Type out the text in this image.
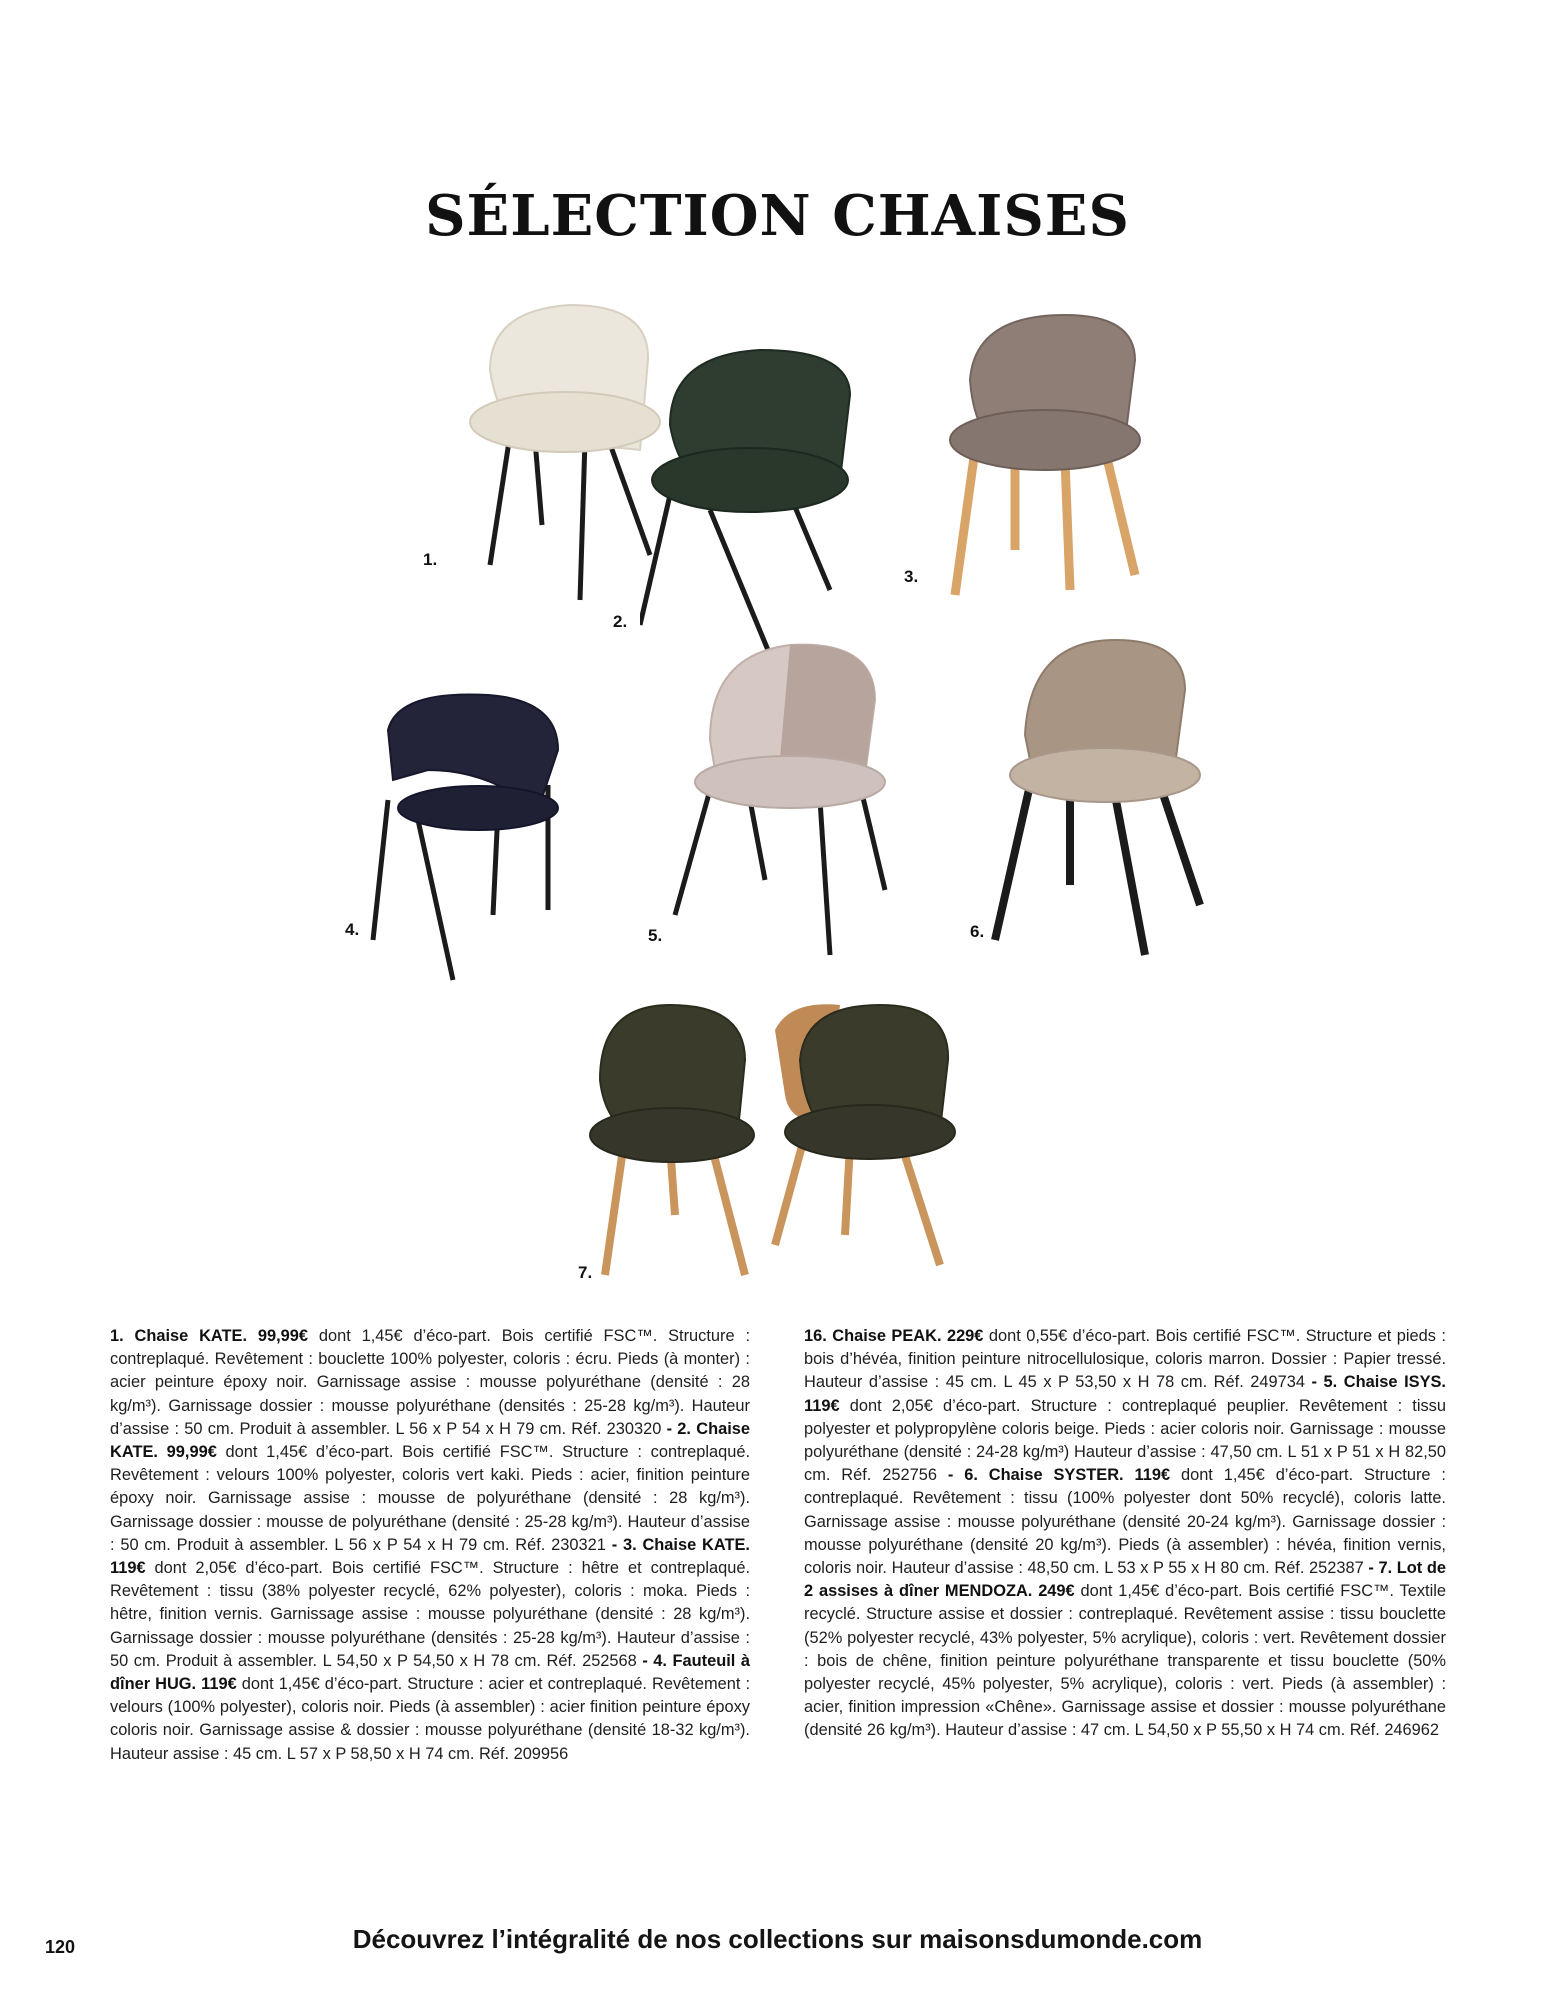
SÉLECTION CHAISES
1.
2.
3.
4.	5.	6.
7.
1. Chaise KATE. 99,99€ dont 1,45€ d’éco-part. Bois certifié FSC™. Structure : contreplaqué. Revêtement : bouclette 100% polyester, coloris : écru. Pieds (à monter) : acier peinture époxy noir. Garnissage assise : mousse polyuréthane (densité : 28 kg/m³). Garnissage dossier : mousse polyuréthane (densités : 25-28 kg/m³). Hauteur d’assise : 50 cm. Produit à assembler. L 56 x P 54 x H 79 cm. Réf. 230320 - 2. Chaise KATE. 99,99€ dont 1,45€ d’éco-part. Bois certifié FSC™. Structure : contreplaqué. Revêtement : velours 100% polyester, coloris vert kaki. Pieds : acier, finition peinture époxy noir. Garnissage assise : mousse de polyuréthane (densité : 28 kg/m³). Garnissage dossier : mousse de polyuréthane (densité : 25-28 kg/m³). Hauteur d’assise : 50 cm. Produit à assembler. L 56 x P 54 x H 79 cm. Réf. 230321 - 3. Chaise KATE. 119€ dont 2,05€ d’éco-part. Bois certifié FSC™. Structure : hêtre et contreplaqué. Revêtement : tissu (38% polyester recyclé, 62% polyester), coloris : moka. Pieds : hêtre, finition vernis. Garnissage assise : mousse polyuréthane (densité : 28 kg/m³). Garnissage dossier : mousse polyuréthane (densités : 25-28 kg/m³). Hauteur d’assise : 50 cm. Produit à assembler. L 54,50 x P 54,50 x H 78 cm. Réf. 252568 - 4. Fauteuil à dîner HUG. 119€ dont 1,45€ d’éco-part. Structure : acier et contreplaqué. Revêtement : velours (100% polyester), coloris noir. Pieds (à assembler) : acier finition peinture époxy coloris noir. Garnissage assise & dossier : mousse polyuréthane (densité 18-32 kg/m³). Hauteur assise : 45 cm. L 57 x P 58,50 x H 74 cm. Réf. 209956
16. Chaise PEAK. 229€ dont 0,55€ d’éco-part. Bois certifié FSC™. Structure et pieds : bois d’hévéa, finition peinture nitrocellulosique, coloris marron. Dossier : Papier tressé. Hauteur d’assise : 45 cm. L 45 x P 53,50 x H 78 cm. Réf. 249734 - 5. Chaise ISYS. 119€ dont 2,05€ d’éco-part. Structure : contreplaqué peuplier. Revêtement : tissu polyester et polypropylène coloris beige. Pieds : acier coloris noir. Garnissage : mousse polyuréthane (densité : 24-28 kg/m³) Hauteur d’assise : 47,50 cm. L 51 x P 51 x H 82,50 cm. Réf. 252756 - 6. Chaise SYSTER. 119€ dont 1,45€ d’éco-part. Structure : contreplaqué. Revêtement : tissu (100% polyester dont 50% recyclé), coloris latte. Garnissage assise : mousse polyuréthane (densité 20-24 kg/m³). Garnissage dossier : mousse polyuréthane (densité 20 kg/m³). Pieds (à assembler) : hévéa, finition vernis, coloris noir. Hauteur d’assise : 48,50 cm. L 53 x P 55 x H 80 cm. Réf. 252387 - 7. Lot de 2 assises à dîner MENDOZA. 249€ dont 1,45€ d’éco-part. Bois certifié FSC™. Textile recyclé. Structure assise et dossier : contreplaqué. Revêtement assise : tissu bouclette (52% polyester recyclé, 43% polyester, 5% acrylique), coloris : vert. Revêtement dossier : bois de chêne, finition peinture polyuréthane transparente et tissu bouclette (50% polyester recyclé, 45% polyester, 5% acrylique), coloris : vert. Pieds (à assembler) : acier, finition impression «Chêne». Garnissage assise et dossier : mousse polyuréthane (densité 26 kg/m³). Hauteur d’assise : 47 cm. L 54,50 x P 55,50 x H 74 cm. Réf. 246962
Découvrez l’intégralité de nos collections sur maisonsdumonde.com
120
